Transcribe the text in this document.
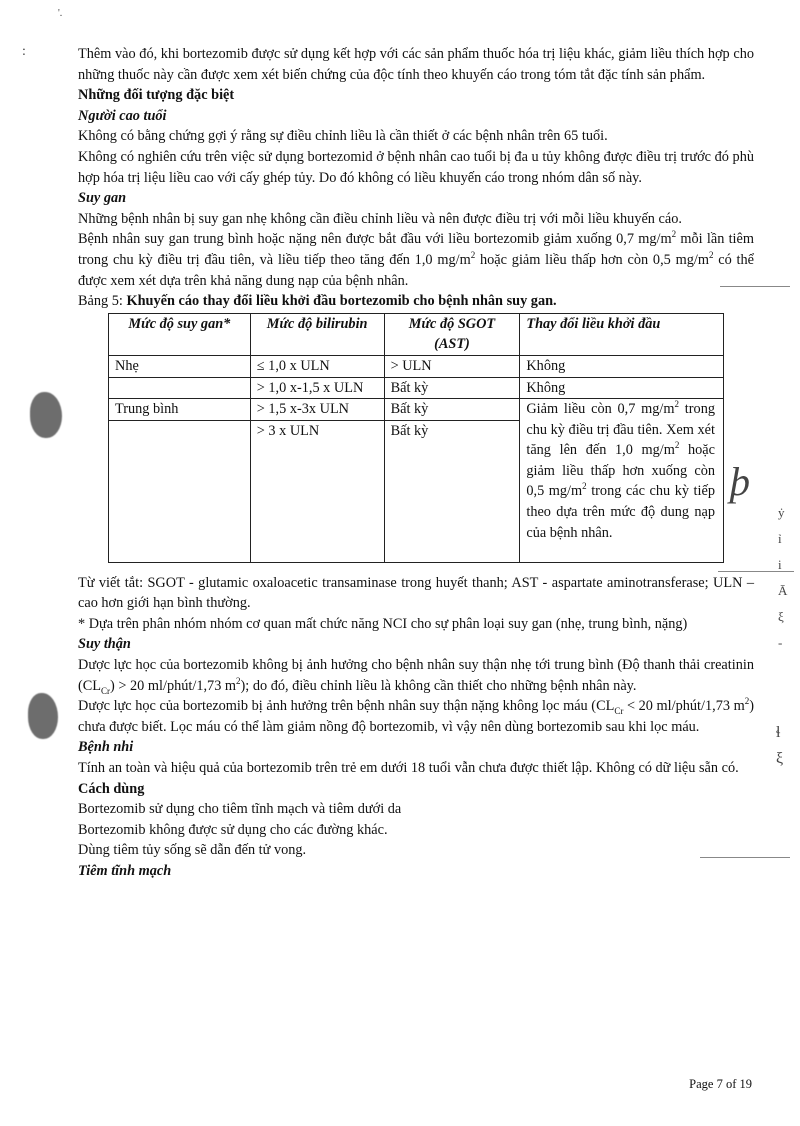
'.
:
þ
ẏ
ỉ
i
Ā
ξ
-
ɬ
ξ

Thêm vào đó, khi bortezomib được sử dụng kết hợp với các sản phẩm thuốc hóa trị liệu khác, giảm liều thích hợp cho những thuốc này cần được xem xét biến chứng của độc tính theo khuyến cáo trong tóm tắt đặc tính sản phẩm.

Những đối tượng đặc biệt

Người cao tuổi

Không có bằng chứng gợi ý rằng sự điều chỉnh liều là cần thiết ở các bệnh nhân trên 65 tuổi.

Không có nghiên cứu trên việc sử dụng bortezomid ở bệnh nhân cao tuổi bị đa u tủy không được điều trị trước đó phù hợp hóa trị liệu liều cao với cấy ghép tủy. Do đó không có liều khuyến cáo trong nhóm dân số này.

Suy gan

Những bệnh nhân bị suy gan nhẹ không cần điều chỉnh liều và nên được điều trị với mỗi liều khuyến cáo.

Bệnh nhân suy gan trung bình hoặc nặng nên được bắt đầu với liều bortezomib giảm xuống 0,7 $mg/m^2$ mỗi lần tiêm trong chu kỳ điều trị đầu tiên, và liều tiếp theo tăng đến 1,0 $mg/m^2$ hoặc giảm liều thấp hơn còn 0,5 $mg/m^2$ có thể được xem xét dựa trên khả năng dung nạp của bệnh nhân.

Bảng 5: Khuyến cáo thay đổi liều khởi đầu bortezomib cho bệnh nhân suy gan.

Mức độ suy gan*	Mức độ bilirubin	Mức độ SGOT (AST)	Thay đổi liều khởi đầu
Nhẹ	≤ 1,0 x ULN	> ULN	Không
	> 1,0 x-1,5 x ULN	Bất kỳ	Không
Trung bình	> 1,5 x-3x ULN	Bất kỳ	Giảm liều còn 0,7 $mg/m^2$ trong chu kỳ điều trị đầu tiên. Xem xét tăng lên đến 1,0 $mg/m^2$ hoặc giảm liều thấp hơn xuống còn 0,5 $mg/m^2$ trong các chu kỳ tiếp theo dựa trên mức độ dung nạp của bệnh nhân.
	> 3 x ULN	Bất kỳ	

Từ viết tắt: SGOT - glutamic oxaloacetic transaminase trong huyết thanh; AST - aspartate aminotransferase; ULN – cao hơn giới hạn bình thường.

* Dựa trên phân nhóm nhóm cơ quan mất chức năng NCI cho sự phân loại suy gan (nhẹ, trung bình, nặng)

Suy thận

Dược lực học của bortezomib không bị ảnh hưởng cho bệnh nhân suy thận nhẹ tới trung bình (Độ thanh thải creatinin $(CL_{Cr}) > 20$ ml/phút/1,73 $m^2$); do đó, điều chỉnh liều là không cần thiết cho những bệnh nhân này.

Dược lực học của bortezomib bị ảnh hưởng trên bệnh nhân suy thận nặng không lọc máu ($CL_{Cr} < 20$ ml/phút/1,73 $m^2$) chưa được biết. Lọc máu có thể làm giảm nồng độ bortezomib, vì vậy nên dùng bortezomib sau khi lọc máu.

Bệnh nhi

Tính an toàn và hiệu quả của bortezomib trên trẻ em dưới 18 tuổi vẫn chưa được thiết lập. Không có dữ liệu sẵn có.

Cách dùng

Bortezomib sử dụng cho tiêm tĩnh mạch và tiêm dưới da

Bortezomib không được sử dụng cho các đường khác.

Dùng tiêm tủy sống sẽ dẫn đến tử vong.

Tiêm tĩnh mạch

Page 7 of 19
